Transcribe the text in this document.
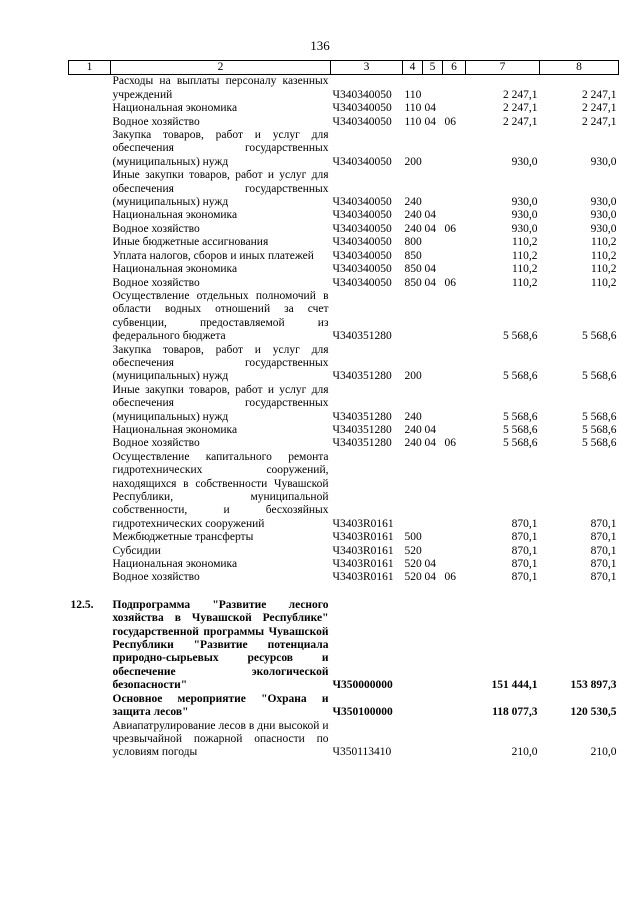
136
1	2	3	4	5	6	7	8
	Расходы на выплаты персоналу казенных учреждений	Ч340340050	110			2 247,1	2 247,1
	Национальная экономика	Ч340340050	110	04		2 247,1	2 247,1
	Водное хозяйство	Ч340340050	110	04	06	2 247,1	2 247,1
	Закупка товаров, работ и услуг для обеспечения государственных (муниципальных) нужд	Ч340340050	200			930,0	930,0
	Иные закупки товаров, работ и услуг для обеспечения государственных (муниципальных) нужд	Ч340340050	240			930,0	930,0
	Национальная экономика	Ч340340050	240	04		930,0	930,0
	Водное хозяйство	Ч340340050	240	04	06	930,0	930,0
	Иные бюджетные ассигнования	Ч340340050	800			110,2	110,2
	Уплата налогов, сборов и иных платежей	Ч340340050	850			110,2	110,2
	Национальная экономика	Ч340340050	850	04		110,2	110,2
	Водное хозяйство	Ч340340050	850	04	06	110,2	110,2
	Осуществление отдельных полномочий в области водных отношений за счет субвенции, предоставляемой из федерального бюджета	Ч340351280				5 568,6	5 568,6
	Закупка товаров, работ и услуг для обеспечения государственных (муниципальных) нужд	Ч340351280	200			5 568,6	5 568,6
	Иные закупки товаров, работ и услуг для обеспечения государственных (муниципальных) нужд	Ч340351280	240			5 568,6	5 568,6
	Национальная экономика	Ч340351280	240	04		5 568,6	5 568,6
	Водное хозяйство	Ч340351280	240	04	06	5 568,6	5 568,6
	Осуществление капитального ремонта гидротехнических сооружений, находящихся в собственности Чувашской Республики, муниципальной собственности, и бесхозяйных гидротехнических сооружений	Ч3403R0161				870,1	870,1
	Межбюджетные трансферты	Ч3403R0161	500			870,1	870,1
	Субсидии	Ч3403R0161	520			870,1	870,1
	Национальная экономика	Ч3403R0161	520	04		870,1	870,1
	Водное хозяйство	Ч3403R0161	520	04	06	870,1	870,1
12.5.	Подпрограмма "Развитие лесного хозяйства в Чувашской Республике" государственной программы Чувашской Республики "Развитие потенциала природно-сырьевых ресурсов и обеспечение экологической безопасности"	Ч350000000				151 444,1	153 897,3
	Основное мероприятие "Охрана и защита лесов"	Ч350100000				118 077,3	120 530,5
	Авиапатрулирование лесов в дни высокой и чрезвычайной пожарной опасности по условиям погоды	Ч350113410				210,0	210,0
